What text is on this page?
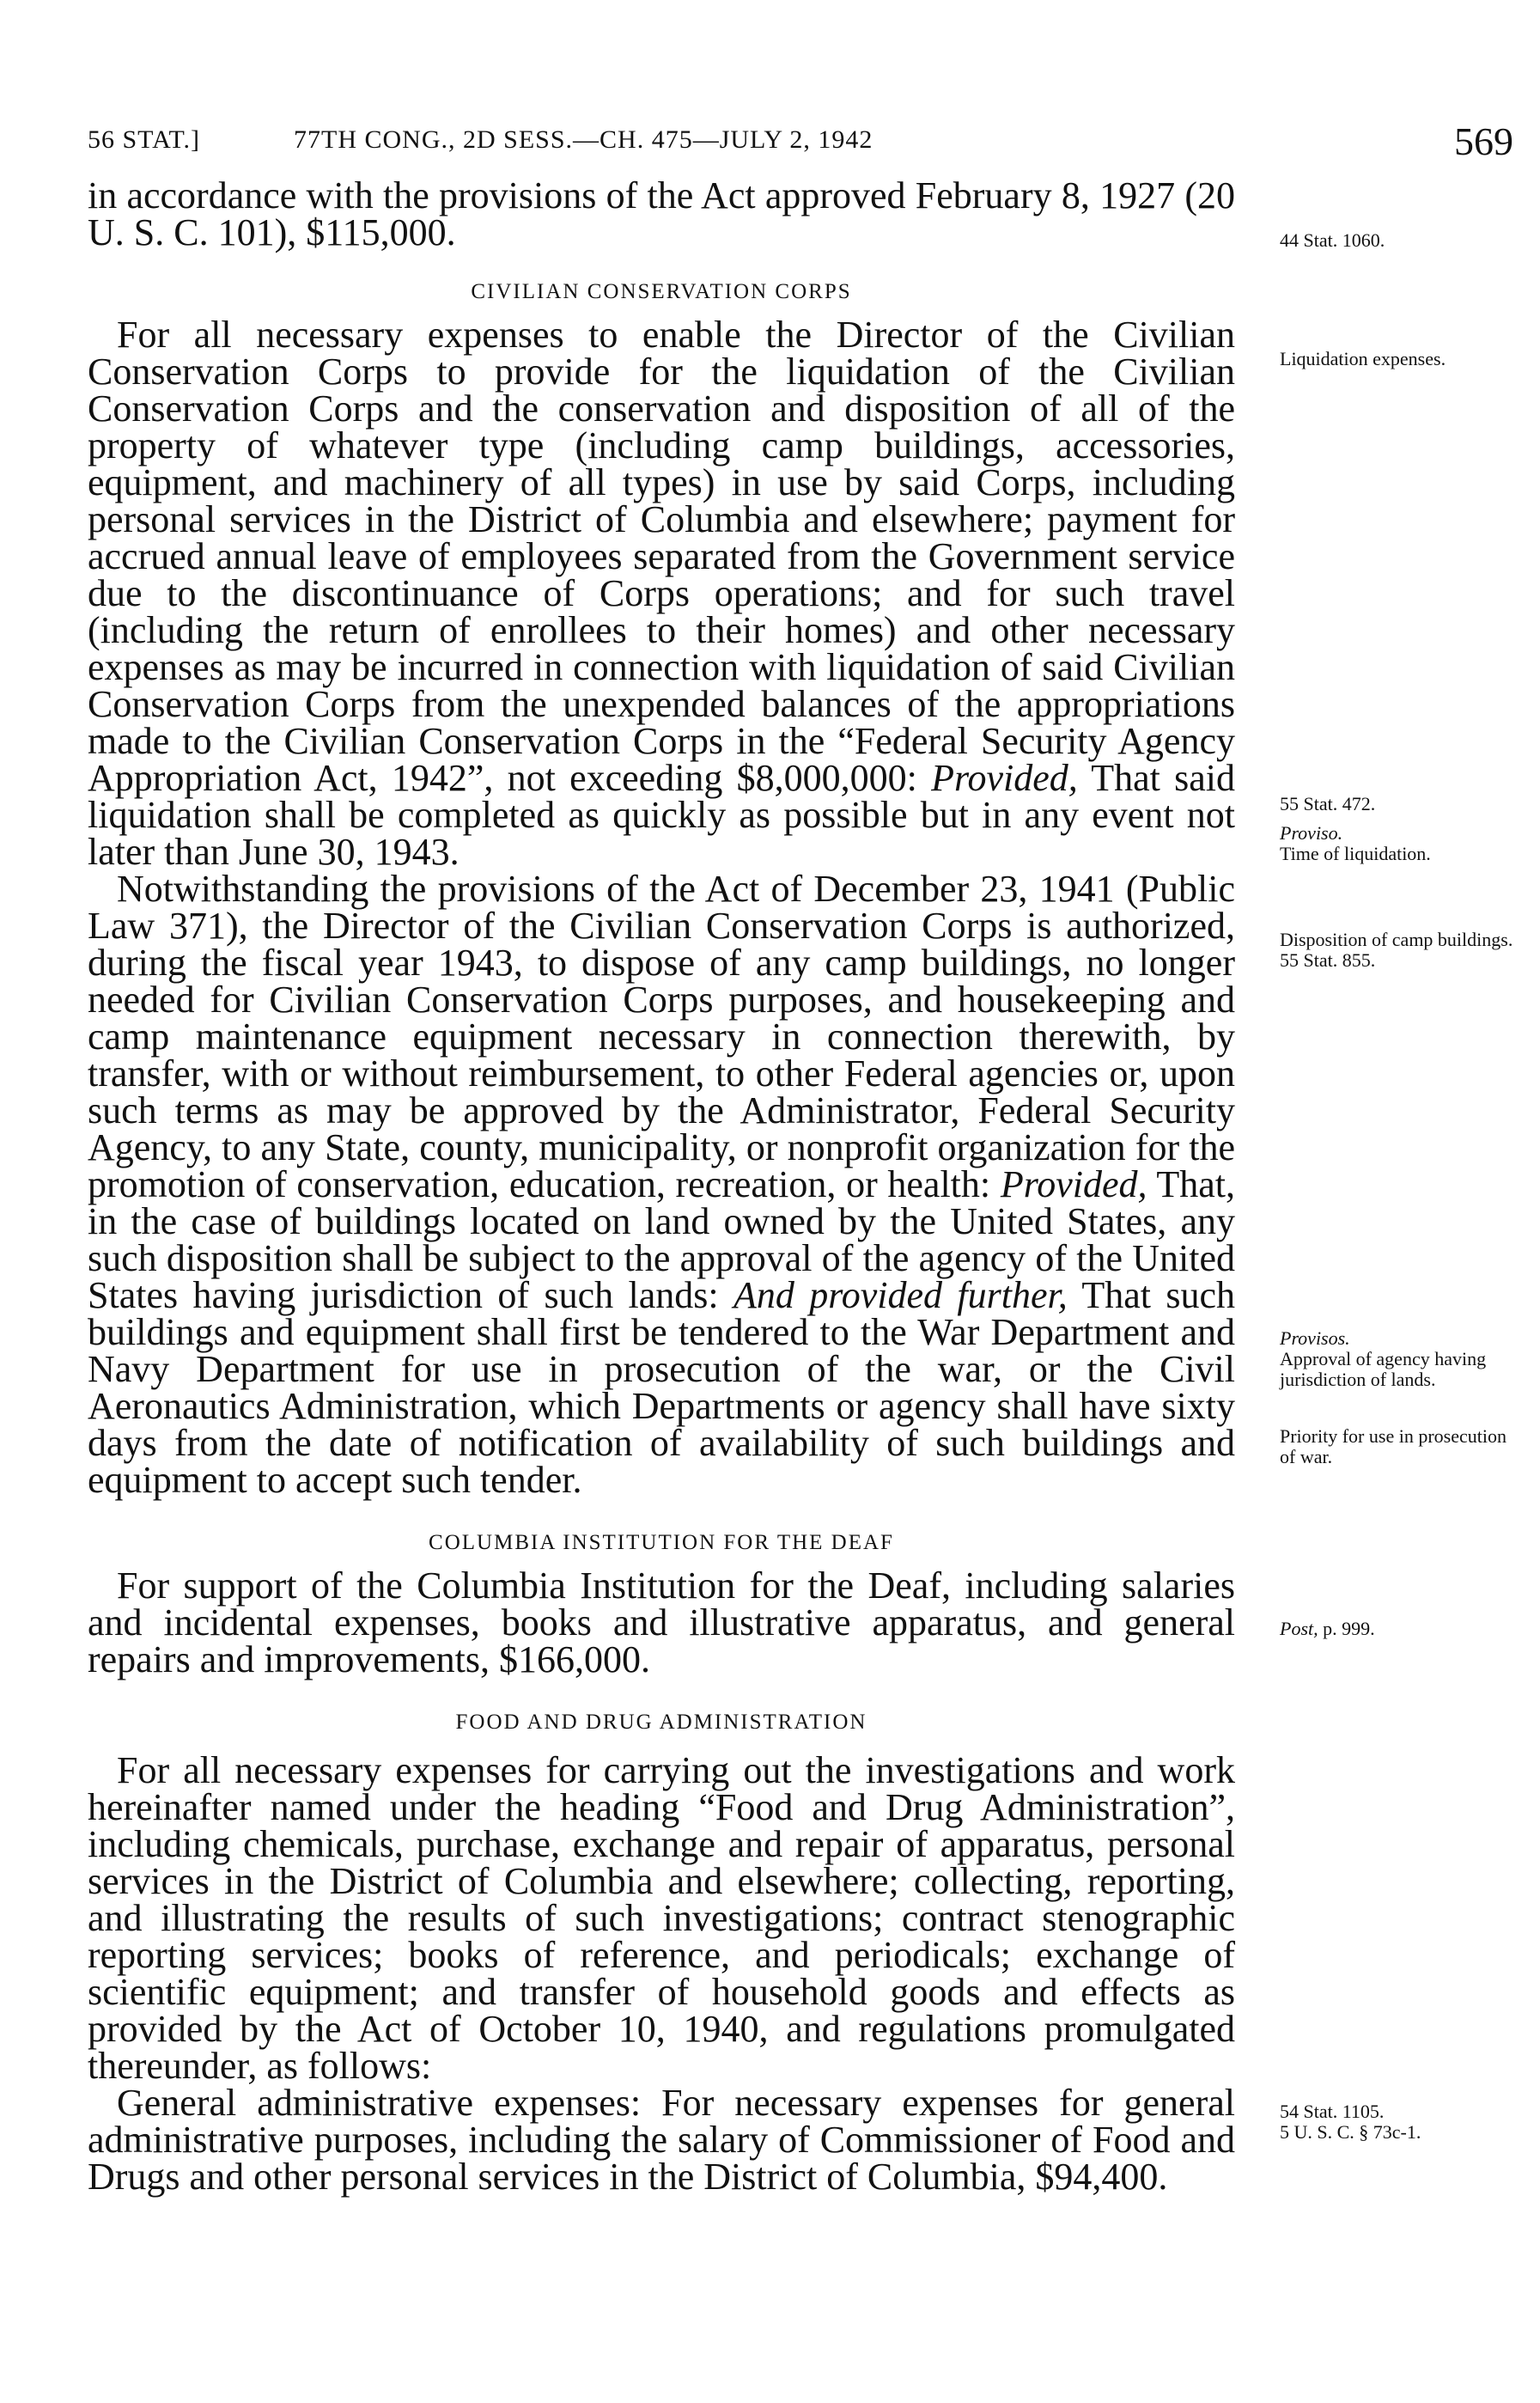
56 STAT.]	77TH CONG., 2D SESS.—CH. 475—JULY 2, 1942	569

in accordance with the provisions of the Act approved February 8, 1927 (20 U. S. C. 101), $115,000.

CIVILIAN CONSERVATION CORPS

For all necessary expenses to enable the Director of the Civilian Conservation Corps to provide for the liquidation of the Civilian Conservation Corps and the conservation and disposition of all of the property of whatever type (including camp buildings, accessories, equipment, and machinery of all types) in use by said Corps, including personal services in the District of Columbia and elsewhere; payment for accrued annual leave of employees separated from the Government service due to the discontinuance of Corps operations; and for such travel (including the return of enrollees to their homes) and other necessary expenses as may be incurred in connection with liquidation of said Civilian Conservation Corps from the unexpended balances of the appropriations made to the Civilian Conservation Corps in the “Federal Security Agency Appropriation Act, 1942”, not exceeding $8,000,000: Provided, That said liquidation shall be completed as quickly as possible but in any event not later than June 30, 1943.

Notwithstanding the provisions of the Act of December 23, 1941 (Public Law 371), the Director of the Civilian Conservation Corps is authorized, during the fiscal year 1943, to dispose of any camp buildings, no longer needed for Civilian Conservation Corps purposes, and housekeeping and camp maintenance equipment necessary in connection therewith, by transfer, with or without reimbursement, to other Federal agencies or, upon such terms as may be approved by the Administrator, Federal Security Agency, to any State, county, municipality, or nonprofit organization for the promotion of conservation, education, recreation, or health: Provided, That, in the case of buildings located on land owned by the United States, any such disposition shall be subject to the approval of the agency of the United States having jurisdiction of such lands: And provided further, That such buildings and equipment shall first be tendered to the War Department and Navy Department for use in prosecution of the war, or the Civil Aeronautics Administration, which Departments or agency shall have sixty days from the date of notification of availability of such buildings and equipment to accept such tender.

COLUMBIA INSTITUTION FOR THE DEAF

For support of the Columbia Institution for the Deaf, including salaries and incidental expenses, books and illustrative apparatus, and general repairs and improvements, $166,000.

FOOD AND DRUG ADMINISTRATION

For all necessary expenses for carrying out the investigations and work hereinafter named under the heading “Food and Drug Administration”, including chemicals, purchase, exchange and repair of apparatus, personal services in the District of Columbia and elsewhere; collecting, reporting, and illustrating the results of such investigations; contract stenographic reporting services; books of reference, and periodicals; exchange of scientific equipment; and transfer of household goods and effects as provided by the Act of October 10, 1940, and regulations promulgated thereunder, as follows:

General administrative expenses: For necessary expenses for general administrative purposes, including the salary of Commissioner of Food and Drugs and other personal services in the District of Columbia, $94,400.

44 Stat. 1060.
Liquidation expenses.
55 Stat. 472.
Proviso.
Time of liquidation.
Disposition of camp buildings.
55 Stat. 855.
Provisos.
Approval of agency having jurisdiction of lands.
Priority for use in prosecution of war.
Post, p. 999.
54 Stat. 1105.
5 U. S. C. § 73c-1.
